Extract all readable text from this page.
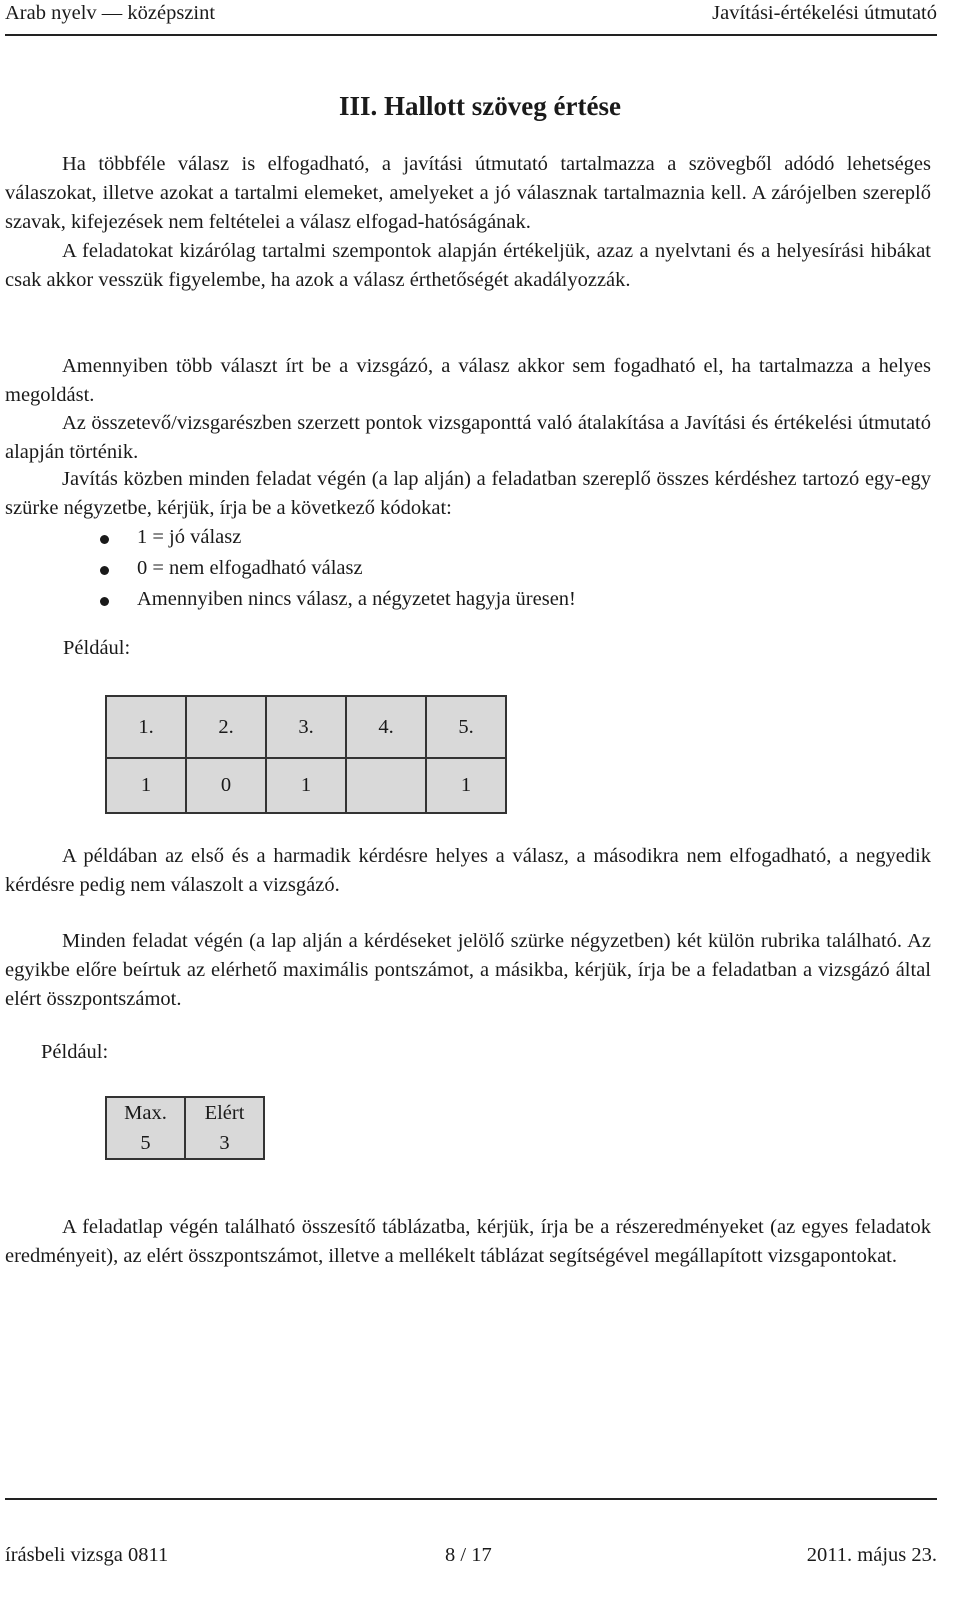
Arab nyelv — középszint	Javítási-értékelési útmutató
III. Hallott szöveg értése

Ha többféle válasz is elfogadható, a javítási útmutató tartalmazza a szövegből adódó lehetséges válaszokat, illetve azokat a tartalmi elemeket, amelyeket a jó válasznak tartalmaznia kell. A zárójelben szereplő szavak, kifejezések nem feltételei a válasz elfogad-hatóságának.

A feladatokat kizárólag tartalmi szempontok alapján értékeljük, azaz a nyelvtani és a helyesírási hibákat csak akkor vesszük figyelembe, ha azok a válasz érthetőségét akadályozzák.

Amennyiben több választ írt be a vizsgázó, a válasz akkor sem fogadható el, ha tartalmazza a helyes megoldást.

Az összetevő/vizsgarészben szerzett pontok vizsgaponttá való átalakítása a Javítási és értékelési útmutató alapján történik.

Javítás közben minden feladat végén (a lap alján) a feladatban szereplő összes kérdéshez tartozó egy-egy szürke négyzetbe, kérjük, írja be a következő kódokat:

1 = jó válasz
0 = nem elfogadható válasz
Amennyiben nincs válasz, a négyzetet hagyja üresen!
Például:
1.	2.	3.	4.	5.
1	0	1		1

A példában az első és a harmadik kérdésre helyes a válasz, a másodikra nem elfogadható, a negyedik kérdésre pedig nem válaszolt a vizsgázó.

Minden feladat végén (a lap alján a kérdéseket jelölő szürke négyzetben) két külön rubrika található. Az egyikbe előre beírtuk az elérhető maximális pontszámot, a másikba, kérjük, írja be a feladatban a vizsgázó által elért összpontszámot.

Például:
Max.	Elért
5	3

A feladatlap végén található összesítő táblázatba, kérjük, írja be a részeredményeket (az egyes feladatok eredményeit), az elért összpontszámot, illetve a mellékelt táblázat segítségével megállapított vizsgapontokat.

írásbeli vizsga 0811	8 / 17	2011. május 23.
